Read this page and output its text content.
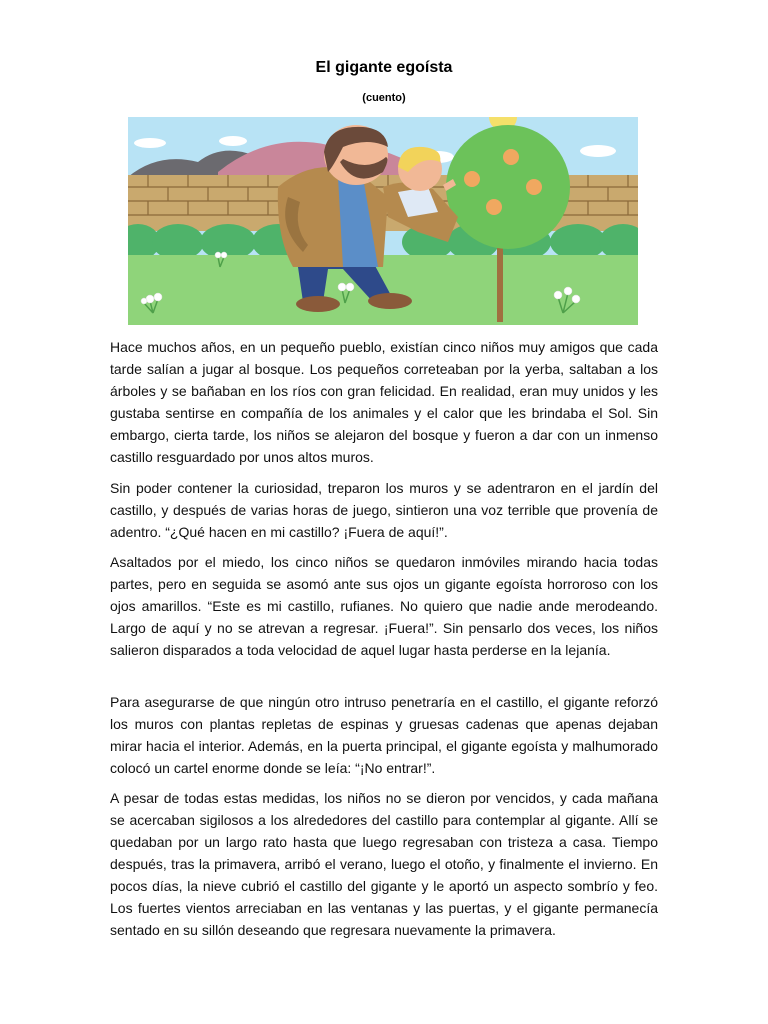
El gigante egoísta
(cuento)
Hace muchos años, en un pequeño pueblo, existían cinco niños muy amigos que cada tarde salían a jugar al bosque. Los pequeños correteaban por la yerba, saltaban a los árboles y se bañaban en los ríos con gran felicidad. En realidad, eran muy unidos y les gustaba sentirse en compañía de los animales y el calor que les brindaba el Sol. Sin embargo, cierta tarde, los niños se alejaron del bosque y fueron a dar con un inmenso castillo resguardado por unos altos muros.
Sin poder contener la curiosidad, treparon los muros y se adentraron en el jardín del castillo, y después de varias horas de juego, sintieron una voz terrible que provenía de adentro. “¿Qué hacen en mi castillo? ¡Fuera de aquí!”.
Asaltados por el miedo, los cinco niños se quedaron inmóviles mirando hacia todas partes, pero en seguida se asomó ante sus ojos un gigante egoísta horroroso con los ojos amarillos. “Este es mi castillo, rufianes. No quiero que nadie ande merodeando. Largo de aquí y no se atrevan a regresar. ¡Fuera!”. Sin pensarlo dos veces, los niños salieron disparados a toda velocidad de aquel lugar hasta perderse en la lejanía.
Para asegurarse de que ningún otro intruso penetraría en el castillo, el gigante reforzó los muros con plantas repletas de espinas y gruesas cadenas que apenas dejaban mirar hacia el interior. Además, en la puerta principal, el gigante egoísta y malhumorado colocó un cartel enorme donde se leía: “¡No entrar!”.
A pesar de todas estas medidas, los niños no se dieron por vencidos, y cada mañana se acercaban sigilosos a los alrededores del castillo para contemplar al gigante. Allí se quedaban por un largo rato hasta que luego regresaban con tristeza a casa. Tiempo después, tras la primavera, arribó el verano, luego el otoño, y finalmente el invierno. En pocos días, la nieve cubrió el castillo del gigante y le aportó un aspecto sombrío y feo. Los fuertes vientos arreciaban en las ventanas y las puertas, y el gigante permanecía sentado en su sillón deseando que regresara nuevamente la primavera.
